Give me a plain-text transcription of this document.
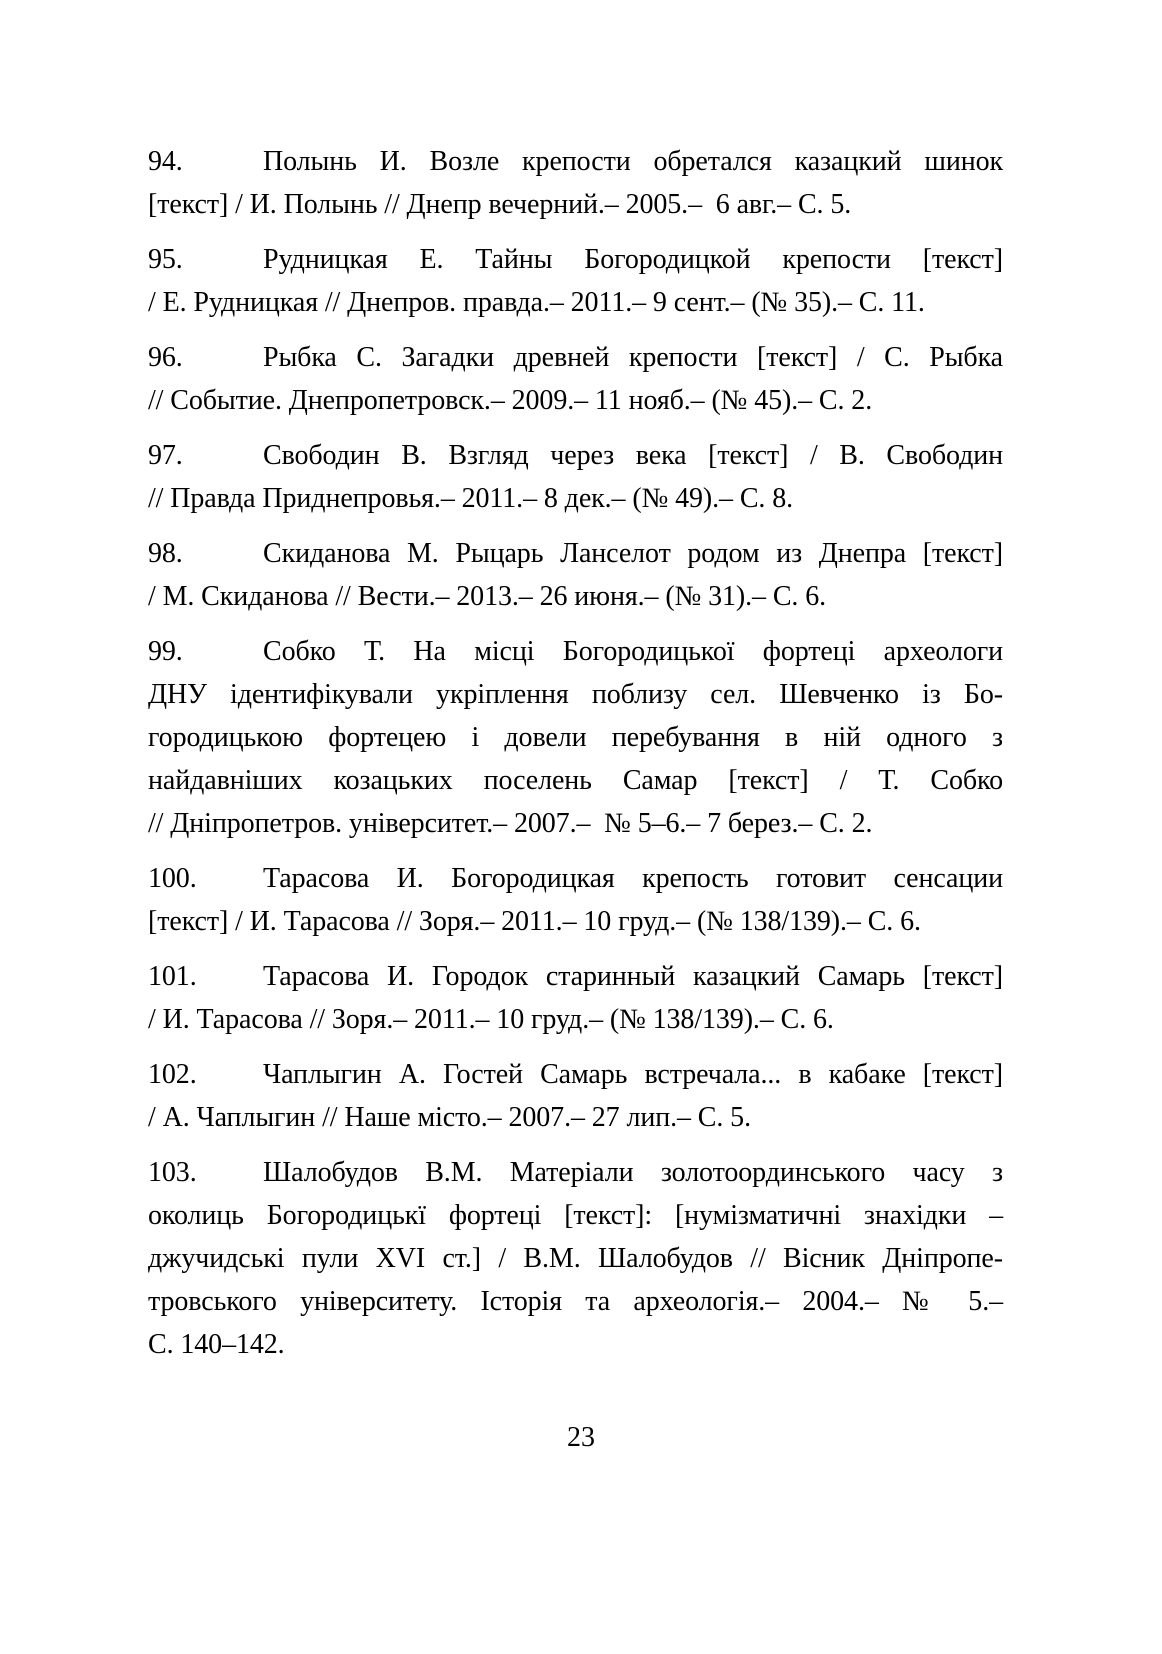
94.	Полынь И. Возле крепости обретался казацкий шинок
[текст] / И. Полынь // Днепр вечерний.– 2005.–  6 авг.– С. 5.
95.	Рудницкая Е. Тайны Богородицкой крепости [текст]
/ Е. Рудницкая // Днепров. правда.– 2011.– 9 сент.– (№ 35).– С. 11.
96.	Рыбка С. Загадки древней крепости [текст] / С. Рыбка
// Событие. Днепропетровск.– 2009.– 11 нояб.– (№ 45).– С. 2.
97.	Свободин В. Взгляд через века [текст] / В. Свободин
// Правда Приднепровья.– 2011.– 8 дек.– (№ 49).– С. 8.
98.	Скиданова М. Рыцарь Ланселот родом из Днепра [текст]
/ М. Скиданова // Вести.– 2013.– 26 июня.– (№ 31).– С. 6.
99.	Собко Т. На місці Богородицької фортеці археологи
ДНУ ідентифікували укріплення поблизу сел. Шевченко із Бо-
городицькою фортецею і довели перебування в ній одного з
найдавніших козацьких поселень Самар [текст] / Т. Собко
// Дніпропетров. університет.– 2007.–  № 5–6.– 7 берез.– С. 2.
100. Тарасова И. Богородицкая крепость готовит сенсации
[текст] / И. Тарасова // Зоря.– 2011.– 10 груд.– (№ 138/139).– С. 6.
101. Тарасова И. Городок старинный казацкий Самарь [текст]
/ И. Тарасова // Зоря.– 2011.– 10 груд.– (№ 138/139).– С. 6.
102. Чаплыгин А. Гостей Самарь встречала... в кабаке [текст]
/ А. Чаплыгин // Наше місто.– 2007.– 27 лип.– С. 5.
103. Шалобудов В.М. Матеріали золотоординського часу з
околиць Богородицькї фортеці [текст]: [нумізматичні знахідки –
джучидські пули XVI ст.] / В.М. Шалобудов // Вісник Дніпропе-
тровського університету. Історія та археологія.– 2004.– № 5.–
С. 140–142.
23
